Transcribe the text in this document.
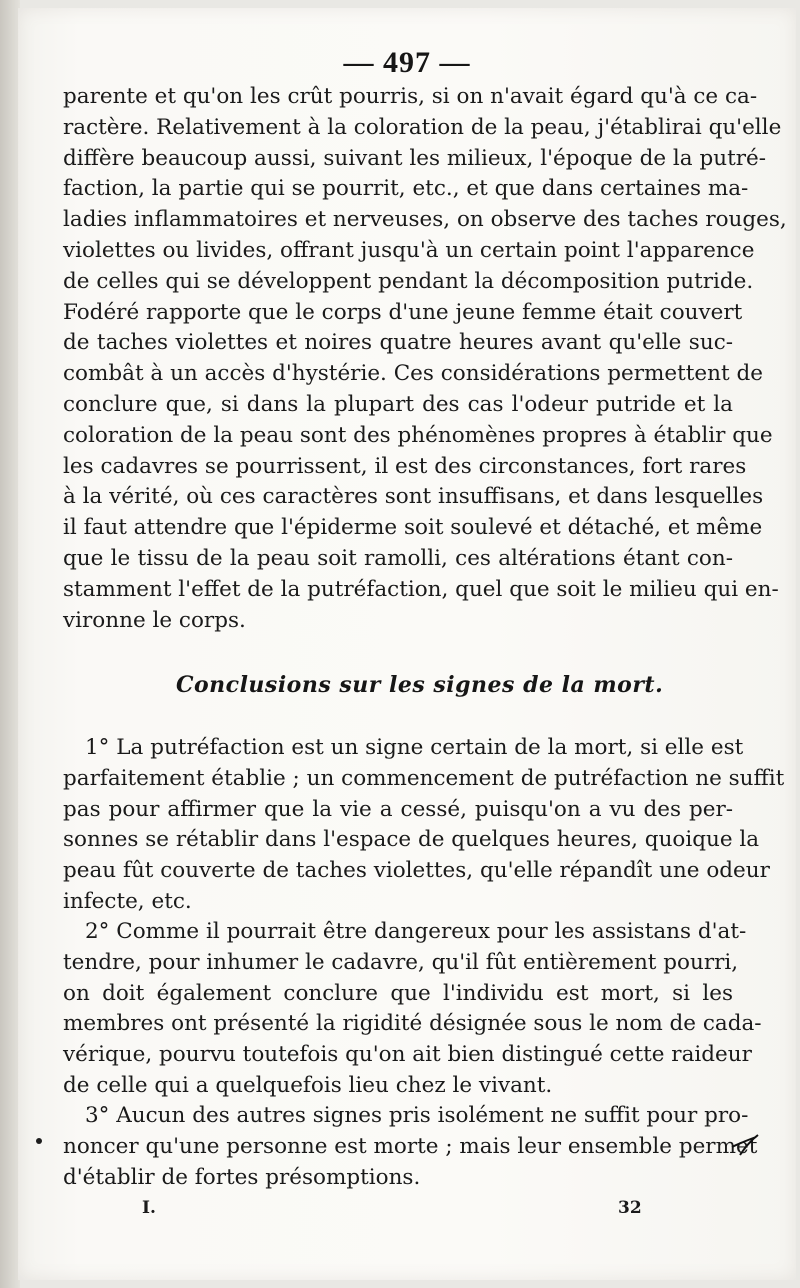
— 497 —
parente et qu'on les crût pourris, si on n'avait égard qu'à ce ca-
ractère. Relativement à la coloration de la peau, j'établirai qu'elle
diffère beaucoup aussi, suivant les milieux, l'époque de la putré-
faction, la partie qui se pourrit, etc., et que dans certaines ma-
ladies inflammatoires et nerveuses, on observe des taches rouges,
violettes ou livides, offrant jusqu'à un certain point l'apparence
de celles qui se développent pendant la décomposition putride.
Fodéré rapporte que le corps d'une jeune femme était couvert
de taches violettes et noires quatre heures avant qu'elle suc-
combât à un accès d'hystérie. Ces considérations permettent de
conclure que, si dans la plupart des cas l'odeur putride et la
coloration de la peau sont des phénomènes propres à établir que
les cadavres se pourrissent, il est des circonstances, fort rares
à la vérité, où ces caractères sont insuffisans, et dans lesquelles
il faut attendre que l'épiderme soit soulevé et détaché, et même
que le tissu de la peau soit ramolli, ces altérations étant con-
stamment l'effet de la putréfaction, quel que soit le milieu qui en-
vironne le corps.
Conclusions sur les signes de la mort.
1° La putréfaction est un signe certain de la mort, si elle est
parfaitement établie ; un commencement de putréfaction ne suffit
pas pour affirmer que la vie a cessé, puisqu'on a vu des per-
sonnes se rétablir dans l'espace de quelques heures, quoique la
peau fût couverte de taches violettes, qu'elle répandît une odeur
infecte, etc.
2° Comme il pourrait être dangereux pour les assistans d'at-
tendre, pour inhumer le cadavre, qu'il fût entièrement pourri,
on doit également conclure que l'individu est mort, si les
membres ont présenté la rigidité désignée sous le nom de cada-
vérique, pourvu toutefois qu'on ait bien distingué cette raideur
de celle qui a quelquefois lieu chez le vivant.
3° Aucun des autres signes pris isolément ne suffit pour pro-
noncer qu'une personne est morte ; mais leur ensemble permet
d'établir de fortes présomptions.
I.	32
